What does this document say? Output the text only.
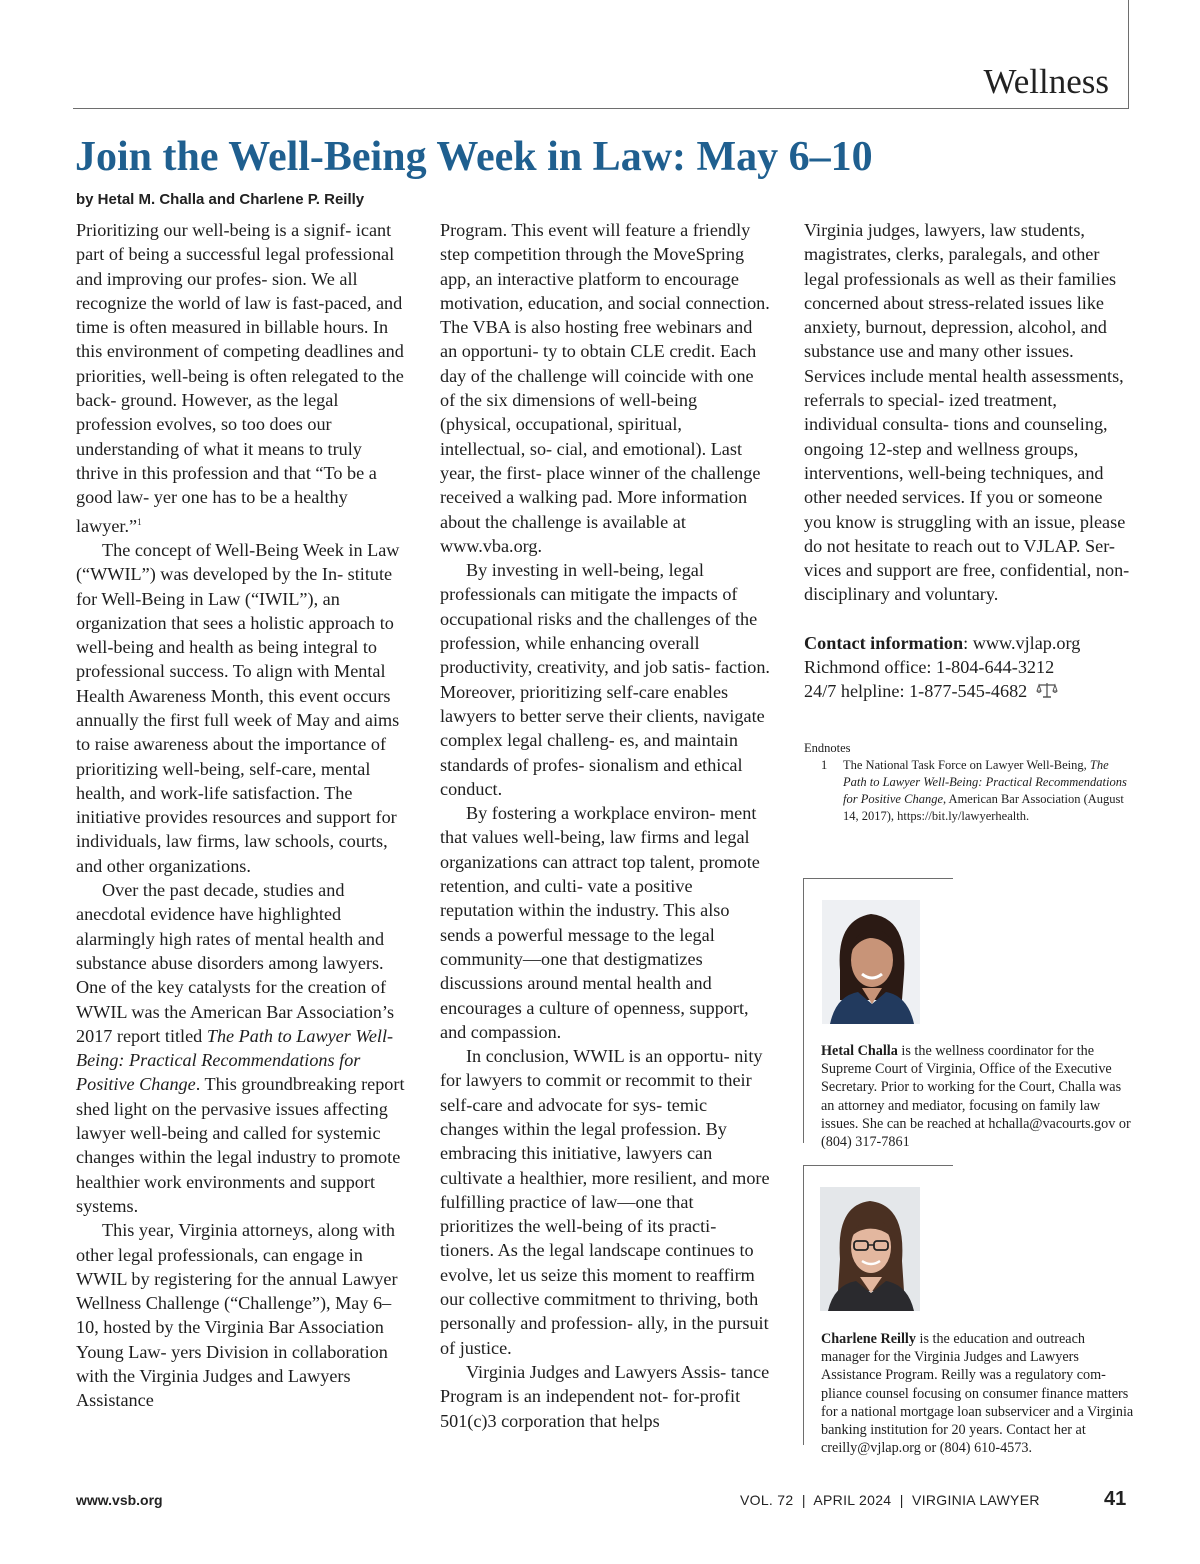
Wellness
Join the Well-Being Week in Law: May 6–10
by Hetal M. Challa and Charlene P. Reilly

Prioritizing our well-being is a signif- icant part of being a successful legal professional and improving our profes- sion. We all recognize the world of law is fast-paced, and time is often measured in billable hours. In this environment of competing deadlines and priorities, well-being is often relegated to the back- ground. However, as the legal profession evolves, so too does our understanding of what it means to truly thrive in this profession and that “To be a good law- yer one has to be a healthy lawyer.”$^1$

The concept of Well-Being Week in Law (“WWIL”) was developed by the In- stitute for Well-Being in Law (“IWIL”), an organization that sees a holistic approach to well-being and health as being integral to professional success. To align with Mental Health Awareness Month, this event occurs annually the first full week of May and aims to raise awareness about the importance of prioritizing well-being, self-care, mental health, and work-life satisfaction. The initiative provides resources and support for individuals, law firms, law schools, courts, and other organizations.

Over the past decade, studies and anecdotal evidence have highlighted alarmingly high rates of mental health and substance abuse disorders among lawyers. One of the key catalysts for the creation of WWIL was the American Bar Association’s 2017 report titled The Path to Lawyer Well-Being: Practical Recommendations for Positive Change. This groundbreaking report shed light on the pervasive issues affecting lawyer well-being and called for systemic changes within the legal industry to promote healthier work environments and support systems.

This year, Virginia attorneys, along with other legal professionals, can engage in WWIL by registering for the annual Lawyer Wellness Challenge (“Challenge”), May 6–10, hosted by the Virginia Bar Association Young Law- yers Division in collaboration with the Virginia Judges and Lawyers Assistance

Program. This event will feature a friendly step competition through the MoveSpring app, an interactive platform to encourage motivation, education, and social connection. The VBA is also hosting free webinars and an opportuni- ty to obtain CLE credit. Each day of the challenge will coincide with one of the six dimensions of well-being (physical, occupational, spiritual, intellectual, so- cial, and emotional). Last year, the first- place winner of the challenge received a walking pad. More information about the challenge is available at www.vba.org.

By investing in well-being, legal professionals can mitigate the impacts of occupational risks and the challenges of the profession, while enhancing overall productivity, creativity, and job satis- faction. Moreover, prioritizing self-care enables lawyers to better serve their clients, navigate complex legal challeng- es, and maintain standards of profes- sionalism and ethical conduct.

By fostering a workplace environ- ment that values well-being, law firms and legal organizations can attract top talent, promote retention, and culti- vate a positive reputation within the industry. This also sends a powerful message to the legal community—one that destigmatizes discussions around mental health and encourages a culture of openness, support, and compassion.

In conclusion, WWIL is an opportu- nity for lawyers to commit or recommit to their self-care and advocate for sys- temic changes within the legal profession. By embracing this initiative, lawyers can cultivate a healthier, more resilient, and more fulfilling practice of law—one that prioritizes the well-being of its practi- tioners. As the legal landscape continues to evolve, let us seize this moment to reaffirm our collective commitment to thriving, both personally and profession- ally, in the pursuit of justice.

Virginia Judges and Lawyers Assis- tance Program is an independent not- for-profit 501(c)3 corporation that helps

Virginia judges, lawyers, law students, magistrates, clerks, paralegals, and other legal professionals as well as their families concerned about stress-related issues like anxiety, burnout, depression, alcohol, and substance use and many other issues. Services include mental health assessments, referrals to special- ized treatment, individual consulta- tions and counseling, ongoing 12-step and wellness groups, interventions, well-being techniques, and other needed services. If you or someone you know is struggling with an issue, please do not hesitate to reach out to VJLAP. Ser- vices and support are free, confidential, non-disciplinary and voluntary.

Contact information: www.vjlap.org
Richmond office: 1-804-644-3212
24/7 helpline: 1-877-545-4682

Endnotes

1	The National Task Force on Lawyer Well-Being, The Path to Lawyer Well-Being: Practical Recommendations for Positive Change, American Bar Association (August 14, 2017), https://bit.ly/lawyerhealth.

Hetal Challa is the wellness coordinator for the Supreme Court of Virginia, Office of the Executive Secretary. Prior to working for the Court, Challa was an attorney and mediator, focusing on family law issues. She can be reached at hchalla@vacourts.gov or (804) 317-7861

Charlene Reilly is the education and outreach manager for the Virginia Judges and Lawyers Assistance Program. Reilly was a regulatory com- pliance counsel focusing on consumer finance matters for a national mortgage loan subservicer and a Virginia banking institution for 20 years. Contact her at creilly@vjlap.org or (804) 610-4573.

www.vsb.org	VOL. 72  |  APRIL 2024  |  VIRGINIA LAWYER	41
